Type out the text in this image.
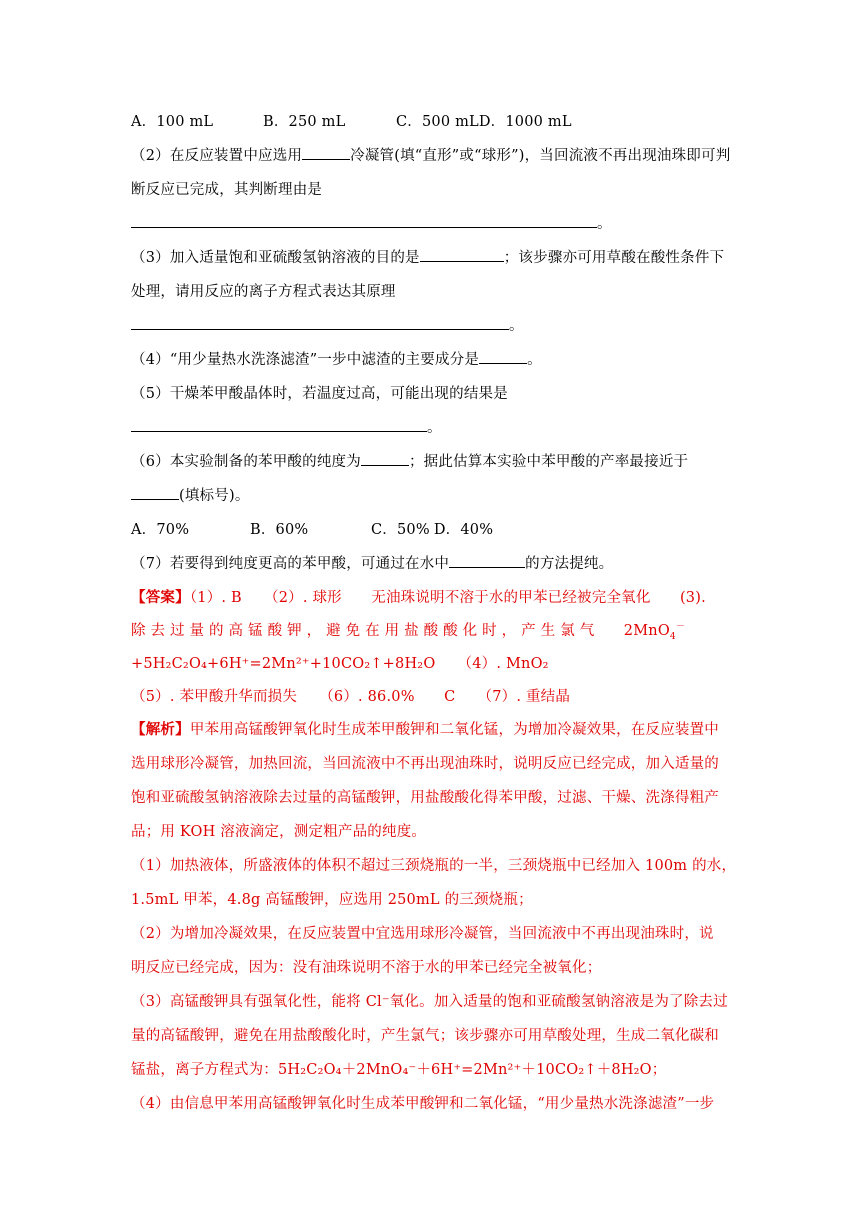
A．100 mL	B．250 mL	C．500 mLD．1000 mL
（2）在反应装置中应选用	冷凝管(填“直形”或“球形”)，当回流液不再出现油珠即可判
断反应已完成，其判断理由是
。
（3）加入适量饱和亚硫酸氢钠溶液的目的是	；该步骤亦可用草酸在酸性条件下
处理，请用反应的离子方程式表达其原理
。
（4）“用少量热水洗涤滤渣”一步中滤渣的主要成分是	。
（5）干燥苯甲酸晶体时，若温度过高，可能出现的结果是
。
（6）本实验制备的苯甲酸的纯度为	；据此估算本实验中苯甲酸的产率最接近于
(填标号)。
A．70%	B．60%	C．50% D．40%
（7）若要得到纯度更高的苯甲酸，可通过在水中	的方法提纯。
【答案】（1）. B　　（2）. 球形　　无油珠说明不溶于水的甲苯已经被完全氧化　　(3).
除 去 过 量 的 高 锰 酸 钾 ， 避 免 在 用 盐 酸 酸 化 时 ， 产 生 氯 气　　2MnO$_4$－
+5H₂C₂O₄+6H⁺=2Mn²⁺+10CO₂↑+8H₂O　　（4）. MnO₂
（5）. 苯甲酸升华而损失　　（6）. 86.0%　　C　　（7）. 重结晶
【解析】甲苯用高锰酸钾氧化时生成苯甲酸钾和二氧化锰，为增加冷凝效果，在反应装置中
选用球形冷凝管，加热回流，当回流液中不再出现油珠时，说明反应已经完成，加入适量的
饱和亚硫酸氢钠溶液除去过量的高锰酸钾，用盐酸酸化得苯甲酸，过滤、干燥、洗涤得粗产
品；用 KOH 溶液滴定，测定粗产品的纯度。
（1）加热液体，所盛液体的体积不超过三颈烧瓶的一半，三颈烧瓶中已经加入 100m 的水，
1.5mL 甲苯，4.8g 高锰酸钾，应选用 250mL 的三颈烧瓶；
（2）为增加冷凝效果，在反应装置中宜选用球形冷凝管，当回流液中不再出现油珠时，说
明反应已经完成，因为：没有油珠说明不溶于水的甲苯已经完全被氧化；
（3）高锰酸钾具有强氧化性，能将 Cl⁻氧化。加入适量的饱和亚硫酸氢钠溶液是为了除去过
量的高锰酸钾，避免在用盐酸酸化时，产生氯气；该步骤亦可用草酸处理，生成二氧化碳和
锰盐，离子方程式为：5H₂C₂O₄＋2MnO₄⁻＋6H⁺=2Mn²⁺＋10CO₂↑＋8H₂O；
（4）由信息甲苯用高锰酸钾氧化时生成苯甲酸钾和二氧化锰，“用少量热水洗涤滤渣”一步
